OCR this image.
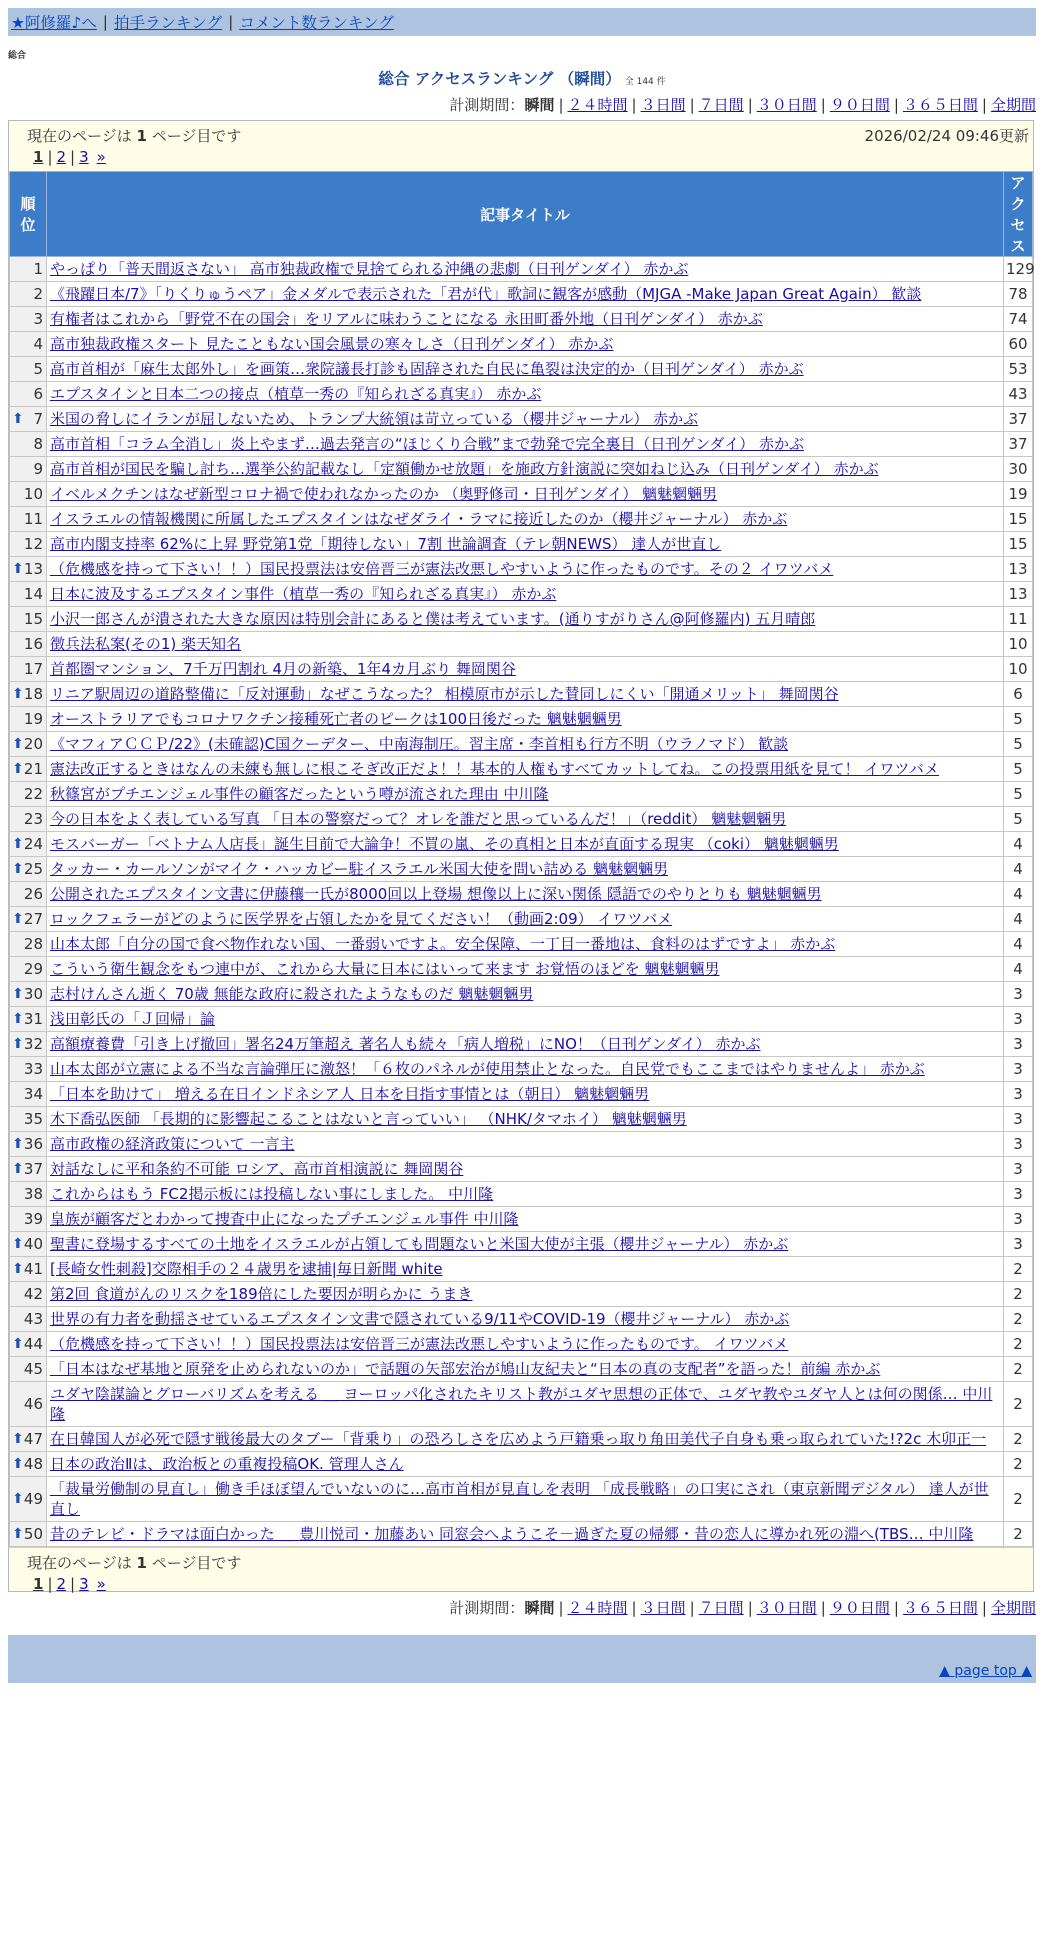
★阿修羅♪へ | 拍手ランキング | コメント数ランキング
総合
総合 アクセスランキング （瞬間） 全 144 件
計測期間：瞬間 | ２４時間 | ３日間 | ７日間 | ３０日間 | ９０日間 | ３６５日間 | 全期間
現在のページは 1 ページ目です	2026/02/24 09:46更新
1 | 2 | 3 »
順位	記事タイトル	アクセス
1	やっぱり「普天間返さない」 高市独裁政権で見捨てられる沖縄の悲劇（日刊ゲンダイ） 赤かぶ	129
2	《飛躍日本/7》「りくりゅうペア」金メダルで表示された「君が代」歌詞に観客が感動（MJGA -Make Japan Great Again） 歓談	78
3	有権者はこれから「野党不在の国会」をリアルに味わうことになる 永田町番外地（日刊ゲンダイ） 赤かぶ	74
4	高市独裁政権スタート 見たこともない国会風景の寒々しさ（日刊ゲンダイ） 赤かぶ	60
5	高市首相が「麻生太郎外し」を画策…衆院議長打診も固辞された自民に亀裂は決定的か（日刊ゲンダイ） 赤かぶ	53
6	エプスタインと日本二つの接点（植草一秀の『知られざる真実』） 赤かぶ	43

⬆ 7	米国の脅しにイランが屈しないため、トランプ大統領は苛立っている（櫻井ジャーナル） 赤かぶ	37
8	高市首相「コラム全消し」炎上やまず…過去発言の“ほじくり合戦”まで勃発で完全裏目（日刊ゲンダイ） 赤かぶ	37
9	高市首相が国民を騙し討ち…選挙公約記載なし「定額働かせ放題」を施政方針演説に突如ねじ込み（日刊ゲンダイ） 赤かぶ	30
10	イベルメクチンはなぜ新型コロナ禍で使われなかったのか （奥野修司・日刊ゲンダイ） 魑魅魍魎男	19
11	イスラエルの情報機関に所属したエプスタインはなぜダライ・ラマに接近したのか（櫻井ジャーナル） 赤かぶ	15
12	高市内閣支持率 62%に上昇 野党第1党「期待しない」7割 世論調査（テレ朝NEWS） 達人が世直し	15

⬆ 13	（危機感を持って下さい！！）国民投票法は安倍晋三が憲法改悪しやすいように作ったものです。その２ イワツバメ	13
14	日本に波及するエプスタイン事件（植草一秀の『知られざる真実』） 赤かぶ	13
15	小沢一郎さんが潰された大きな原因は特別会計にあると僕は考えています。(通りすがりさん@阿修羅内) 五月晴郎	11
16	徴兵法私案(その1) 楽天知名	10
17	首都圏マンション、7千万円割れ 4月の新築、1年4カ月ぶり 舞岡関谷	10

⬆ 18	リニア駅周辺の道路整備に「反対運動」なぜこうなった？ 相模原市が示した賛同しにくい「開通メリット」 舞岡関谷	6
19	オーストラリアでもコロナワクチン接種死亡者のピークは100日後だった 魑魅魍魎男	5

⬆ 20	《マフィアＣＣＰ/22》(未確認)C国クーデター、中南海制圧。習主席・李首相も行方不明（ウラノマド） 歓談	5

⬆ 21	憲法改正するときはなんの未練も無しに根こそぎ改正だよ！！基本的人権もすべてカットしてね。この投票用紙を見て！ イワツバメ	5
22	秋篠宮がプチエンジェル事件の顧客だったという噂が流された理由 中川隆	5
23	今の日本をよく表している写真 「日本の警察だって？オレを誰だと思っているんだ！」（reddit） 魑魅魍魎男	5

⬆ 24	モスバーガー「ベトナム人店長」誕生目前で大論争！不買の嵐、その真相と日本が直面する現実 （coki） 魑魅魍魎男	4

⬆ 25	タッカー・カールソンがマイク・ハッカビー駐イスラエル米国大使を問い詰める 魑魅魍魎男	4
26	公開されたエプスタイン文書に伊藤穰一氏が8000回以上登場 想像以上に深い関係 隠語でのやりとりも 魑魅魍魎男	4

⬆ 27	ロックフェラーがどのように医学界を占領したかを見てください！（動画2:09） イワツバメ	4
28	山本太郎「自分の国で食べ物作れない国、一番弱いですよ。安全保障、一丁目一番地は、食料のはずですよ」 赤かぶ	4
29	こういう衛生観念をもつ連中が、これから大量に日本にはいって来ます お覚悟のほどを 魑魅魍魎男	4

⬆ 30	志村けんさん逝く 70歳 無能な政府に殺されたようなものだ 魑魅魍魎男	3

⬆ 31	浅田彰氏の「Ｊ回帰」論	3

⬆ 32	高額療養費「引き上げ撤回」署名24万筆超え 著名人も続々「病人増税」にNO！（日刊ゲンダイ） 赤かぶ	3
33	山本太郎が立憲による不当な言論弾圧に激怒！「６枚のパネルが使用禁止となった。自民党でもここまではやりませんよ」 赤かぶ	3
34	「日本を助けて」 増える在日インドネシア人 日本を目指す事情とは（朝日） 魑魅魍魎男	3
35	木下喬弘医師 「長期的に影響起こることはないと言っていい」 （NHK/タマホイ） 魑魅魍魎男	3

⬆ 36	高市政権の経済政策について 一言主	3

⬆ 37	対話なしに平和条約不可能 ロシア、高市首相演説に 舞岡関谷	3
38	これからはもう FC2掲示板には投稿しない事にしました。 中川隆	3
39	皇族が顧客だとわかって捜査中止になったプチエンジェル事件 中川隆	3

⬆ 40	聖書に登場するすべての土地をイスラエルが占領しても問題ないと米国大使が主張（櫻井ジャーナル） 赤かぶ	3

⬆ 41	[長崎女性刺殺]交際相手の２４歳男を逮捕|毎日新聞 white	2
42	第2回 食道がんのリスクを189倍にした要因が明らかに うまき	2
43	世界の有力者を動揺させているエプスタイン文書で隠されている9/11やCOVID-19（櫻井ジャーナル） 赤かぶ	2

⬆ 44	（危機感を持って下さい！！）国民投票法は安倍晋三が憲法改悪しやすいように作ったものです。 イワツバメ	2
45	「日本はなぜ基地と原発を止められないのか」で話題の矢部宏治が鳩山友紀夫と“日本の真の支配者”を語った！前編 赤かぶ	2
46	ユダヤ陰謀論とグローバリズムを考える ＿ ヨーロッパ化されたキリスト教がユダヤ思想の正体で、ユダヤ教やユダヤ人とは何の関係… 中川隆	2

⬆ 47	在日韓国人が必死で隠す戦後最大のタブー「背乗り」の恐ろしさを広めよう戸籍乗っ取り角田美代子自身も乗っ取られていた!?2c 木卯正一	2

⬆ 48	日本の政治Ⅱは、政治板との重複投稿OK. 管理人さん	2

⬆ 49	「裁量労働制の見直し」働き手ほぼ望んでいないのに…高市首相が見直しを表明 「成長戦略」の口実にされ（東京新聞デジタル） 達人が世直し	2

⬆ 50	昔のテレビ・ドラマは面白かった ＿ 豊川悦司・加藤あい 同窓会へようこそ－過ぎた夏の帰郷・昔の恋人に導かれ死の淵へ(TBS… 中川隆	2
現在のページは 1 ページ目です
1 | 2 | 3 »
計測期間：瞬間 | ２４時間 | ３日間 | ７日間 | ３０日間 | ９０日間 | ３６５日間 | 全期間
▲ page top ▲
